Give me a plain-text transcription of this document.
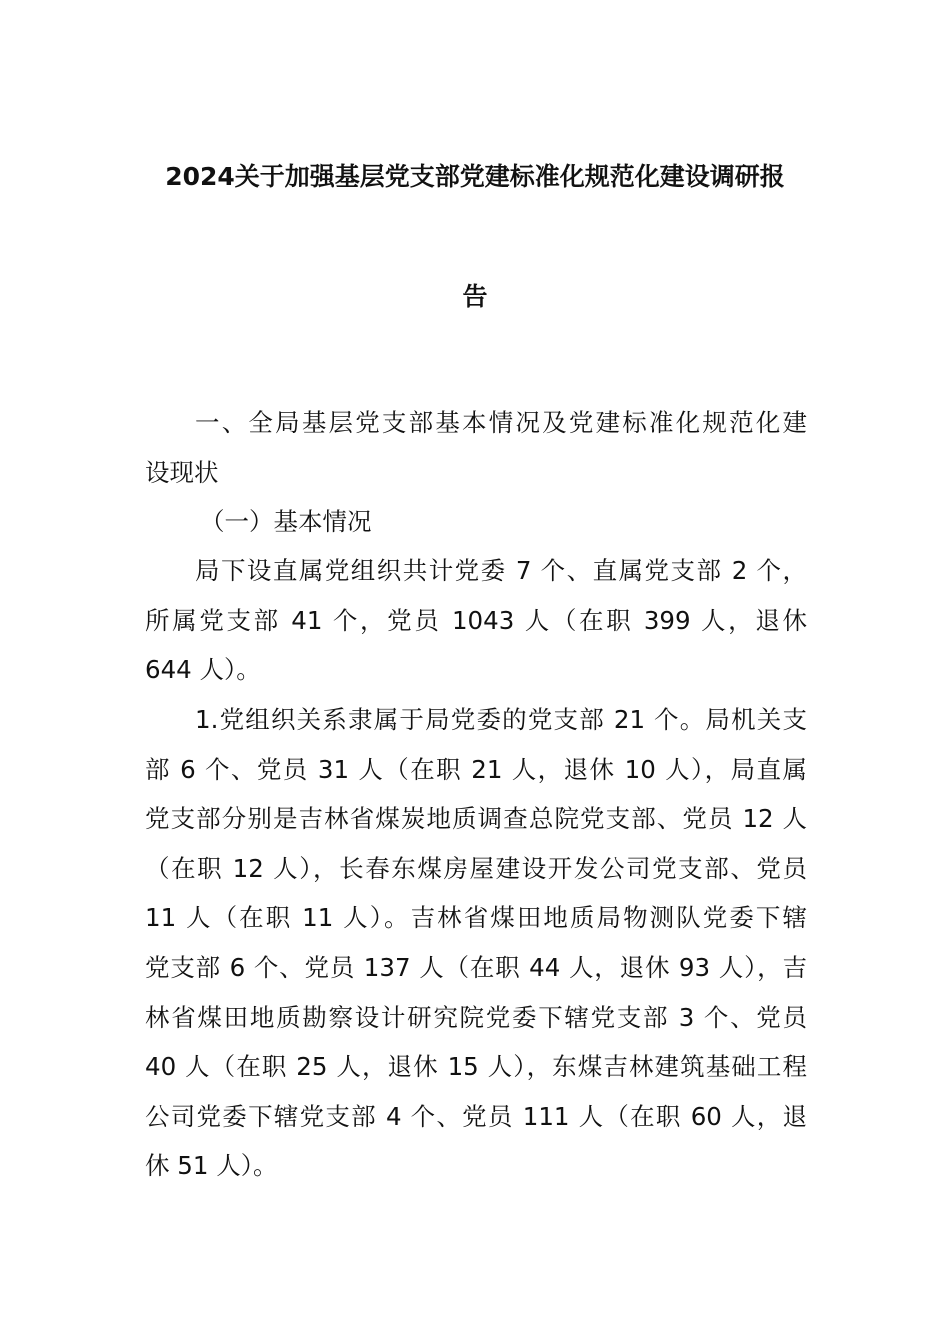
2024关于加强基层党支部党建标准化规范化建设调研报
告
一、全局基层党支部基本情况及党建标准化规范化建
设现状
（一）基本情况
局下设直属党组织共计党委 7 个、直属党支部 2 个，
所属党支部 41 个，党员 1043 人（在职 399 人，退休
644 人）。
1.党组织关系隶属于局党委的党支部 21 个。局机关支
部 6 个、党员 31 人（在职 21 人，退休 10 人），局直属
党支部分别是吉林省煤炭地质调查总院党支部、党员 12 人
（在职 12 人），长春东煤房屋建设开发公司党支部、党员
11 人（在职 11 人）。吉林省煤田地质局物测队党委下辖
党支部 6 个、党员 137 人（在职 44 人，退休 93 人），吉
林省煤田地质勘察设计研究院党委下辖党支部 3 个、党员
40 人（在职 25 人，退休 15 人），东煤吉林建筑基础工程
公司党委下辖党支部 4 个、党员 111 人（在职 60 人，退
休 51 人）。
